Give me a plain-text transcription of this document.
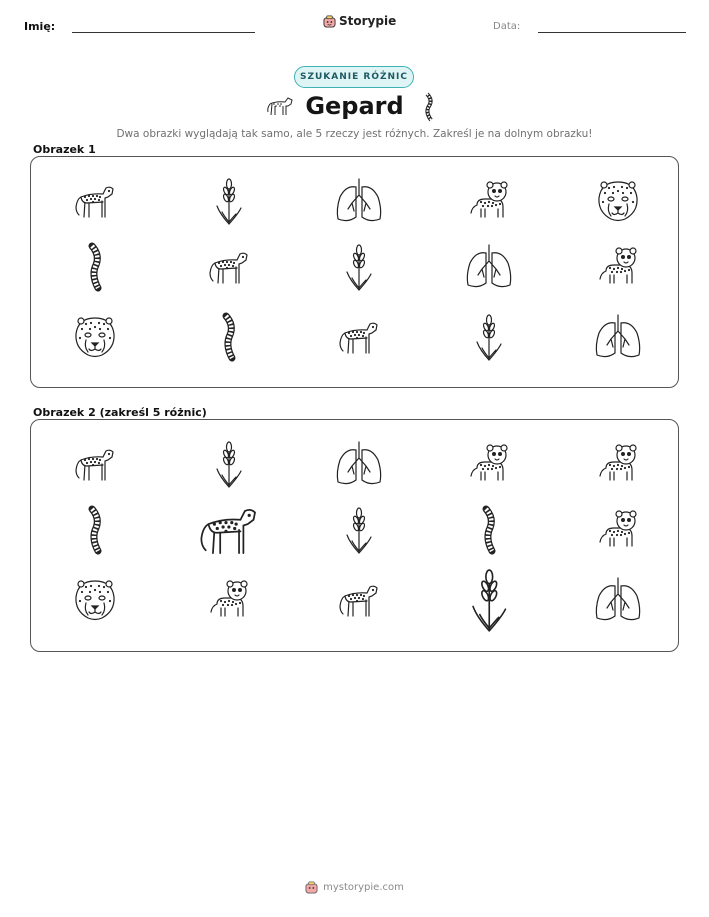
Imię:	Storypie	Data:
SZUKANIE RÓŻNIC
Gepard
Dwa obrazki wyglądają tak samo, ale 5 rzeczy jest różnych. Zakreśl je na dolnym obrazku!
Obrazek 1
Obrazek 2 (zakreśl 5 różnic)
mystorypie.com
